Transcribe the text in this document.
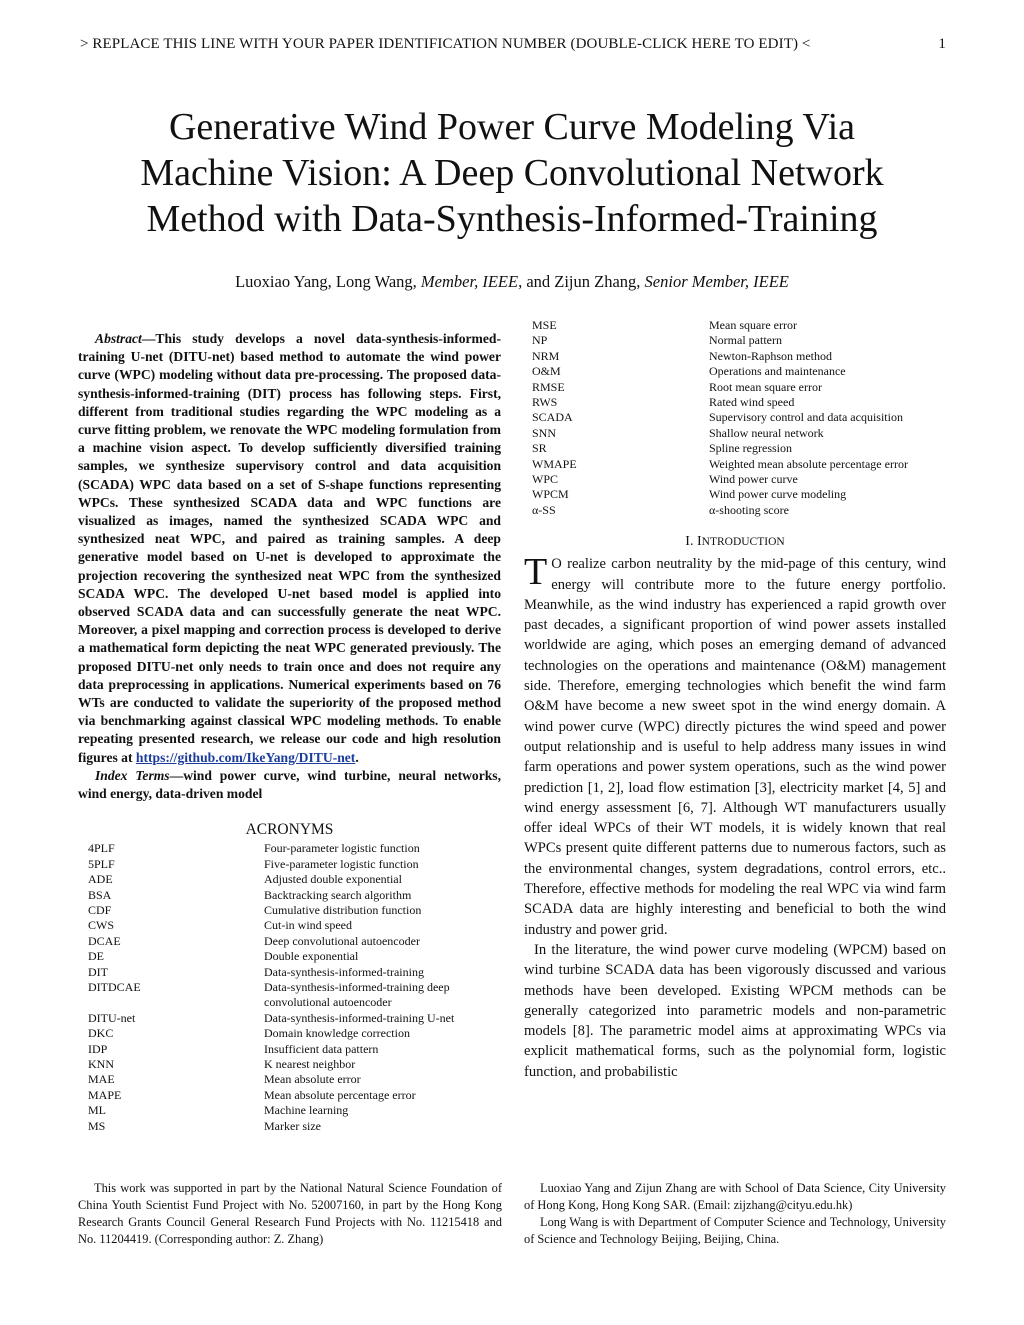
> REPLACE THIS LINE WITH YOUR PAPER IDENTIFICATION NUMBER (DOUBLE-CLICK HERE TO EDIT) <	1
Generative Wind Power Curve Modeling Via
Machine Vision: A Deep Convolutional Network
Method with Data-Synthesis-Informed-Training
Luoxiao Yang, Long Wang, Member, IEEE, and Zijun Zhang, Senior Member, IEEE

Abstract—This study develops a novel data-synthesis-informed-training U-net (DITU-net) based method to automate the wind power curve (WPC) modeling without data pre-processing. The proposed data-synthesis-informed-training (DIT) process has following steps. First, different from traditional studies regarding the WPC modeling as a curve fitting problem, we renovate the WPC modeling formulation from a machine vision aspect. To develop sufficiently diversified training samples, we synthesize supervisory control and data acquisition (SCADA) WPC data based on a set of S-shape functions representing WPCs. These synthesized SCADA data and WPC functions are visualized as images, named the synthesized SCADA WPC and synthesized neat WPC, and paired as training samples. A deep generative model based on U-net is developed to approximate the projection recovering the synthesized neat WPC from the synthesized SCADA WPC. The developed U-net based model is applied into observed SCADA data and can successfully generate the neat WPC. Moreover, a pixel mapping and correction process is developed to derive a mathematical form depicting the neat WPC generated previously. The proposed DITU-net only needs to train once and does not require any data preprocessing in applications. Numerical experiments based on 76 WTs are conducted to validate the superiority of the proposed method via benchmarking against classical WPC modeling methods. To enable repeating presented research, we release our code and high resolution figures at https://github.com/IkeYang/DITU-net.

Index Terms—wind power curve, wind turbine, neural networks, wind energy, data-driven model

ACRONYMS
4PLF	Four-parameter logistic function
5PLF	Five-parameter logistic function
ADE	Adjusted double exponential
BSA	Backtracking search algorithm
CDF	Cumulative distribution function
CWS	Cut-in wind speed
DCAE	Deep convolutional autoencoder
DE	Double exponential
DIT	Data-synthesis-informed-training
DITDCAE	Data-synthesis-informed-training deep convolutional autoencoder
DITU-net	Data-synthesis-informed-training U-net
DKC	Domain knowledge correction
IDP	Insufficient data pattern
KNN	K nearest neighbor
MAE	Mean absolute error
MAPE	Mean absolute percentage error
ML	Machine learning
MS	Marker size
MSE	Mean square error
NP	Normal pattern
NRM	Newton-Raphson method
O&M	Operations and maintenance
RMSE	Root mean square error
RWS	Rated wind speed
SCADA	Supervisory control and data acquisition
SNN	Shallow neural network
SR	Spline regression
WMAPE	Weighted mean absolute percentage error
WPC	Wind power curve
WPCM	Wind power curve modeling
α-SS	α-shooting score
I. INTRODUCTION

T O realize carbon neutrality by the mid-page of this century, wind energy will contribute more to the future energy portfolio. Meanwhile, as the wind industry has experienced a rapid growth over past decades, a significant proportion of wind power assets installed worldwide are aging, which poses an emerging demand of advanced technologies on the operations and maintenance (O&M) management side. Therefore, emerging technologies which benefit the wind farm O&M have become a new sweet spot in the wind energy domain. A wind power curve (WPC) directly pictures the wind speed and power output relationship and is useful to help address many issues in wind farm operations and power system operations, such as the wind power prediction [1, 2], load flow estimation [3], electricity market [4, 5] and wind energy assessment [6, 7]. Although WT manufacturers usually offer ideal WPCs of their WT models, it is widely known that real WPCs present quite different patterns due to numerous factors, such as the environmental changes, system degradations, control errors, etc.. Therefore, effective methods for modeling the real WPC via wind farm SCADA data are highly interesting and beneficial to both the wind industry and power grid.

In the literature, the wind power curve modeling (WPCM) based on wind turbine SCADA data has been vigorously discussed and various methods have been developed. Existing WPCM methods can be generally categorized into parametric models and non-parametric models [8]. The parametric model aims at approximating WPCs via explicit mathematical forms, such as the polynomial form, logistic function, and probabilistic

This work was supported in part by the National Natural Science Foundation of China Youth Scientist Fund Project with No. 52007160, in part by the Hong Kong Research Grants Council General Research Fund Projects with No. 11215418 and No. 11204419. (Corresponding author: Z. Zhang)

Luoxiao Yang and Zijun Zhang are with School of Data Science, City University of Hong Kong, Hong Kong SAR. (Email: zijzhang@cityu.edu.hk)

Long Wang is with Department of Computer Science and Technology, University of Science and Technology Beijing, Beijing, China.
